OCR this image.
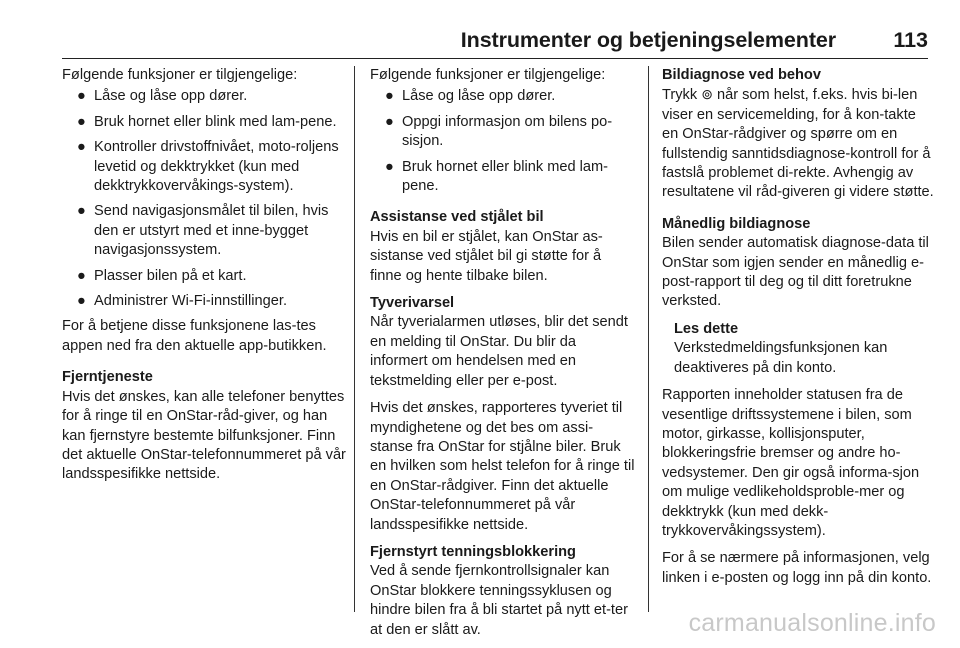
Instrumenter og betjeningselementer	113

Følgende funksjoner er tilgjengelige:

● Låse og låse opp dører.
● Bruk hornet eller blink med lam-pene.
● Kontroller drivstoffnivået, moto-roljens levetid og dekktrykket (kun med dekktrykkovervåkings-system).
● Send navigasjonsmålet til bilen, hvis den er utstyrt med et inne-bygget navigasjonssystem.
● Plasser bilen på et kart.
● Administrer Wi-Fi-innstillinger.

For å betjene disse funksjonene las-tes appen ned fra den aktuelle app-butikken.

Fjerntjeneste

Hvis det ønskes, kan alle telefoner benyttes for å ringe til en OnStar-råd-giver, og han kan fjernstyre bestemte bilfunksjoner. Finn det aktuelle OnStar-telefonnummeret på vår landsspesifikke nettside.

Følgende funksjoner er tilgjengelige:

● Låse og låse opp dører.
● Oppgi informasjon om bilens po-sisjon.
● Bruk hornet eller blink med lam-pene.

Assistanse ved stjålet bil

Hvis en bil er stjålet, kan OnStar as-sistanse ved stjålet bil gi støtte for å finne og hente tilbake bilen.

Tyverivarsel

Når tyverialarmen utløses, blir det sendt en melding til OnStar. Du blir da informert om hendelsen med en tekstmelding eller per e-post.

Hvis det ønskes, rapporteres tyveriet til myndighetene og det bes om assi-stanse fra OnStar for stjålne biler. Bruk en hvilken som helst telefon for å ringe til en OnStar-rådgiver. Finn det aktuelle OnStar-telefonnummeret på vår landsspesifikke nettside.

Fjernstyrt tenningsblokkering

Ved å sende fjernkontrollsignaler kan OnStar blokkere tenningssyklusen og hindre bilen fra å bli startet på nytt et-ter at den er slått av.

Bildiagnose ved behov

Trykk ⊚ når som helst, f.eks. hvis bi-len viser en servicemelding, for å kon-takte en OnStar-rådgiver og spørre om en fullstendig sanntidsdiagnose-kontroll for å fastslå problemet di-rekte. Avhengig av resultatene vil råd-giveren gi videre støtte.

Månedlig bildiagnose

Bilen sender automatisk diagnose-data til OnStar som igjen sender en månedlig e-post-rapport til deg og til ditt foretrukne verksted.

Les dette

Verkstedmeldingsfunksjonen kan deaktiveres på din konto.

Rapporten inneholder statusen fra de vesentlige driftssystemene i bilen, som motor, girkasse, kollisjonsputer, blokkeringsfrie bremser og andre ho-vedsystemer. Den gir også informa-sjon om mulige vedlikeholdsproble-mer og dekktrykk (kun med dekk-trykkovervåkingssystem).

For å se nærmere på informasjonen, velg linken i e-posten og logg inn på din konto.

carmanualsonline.info
